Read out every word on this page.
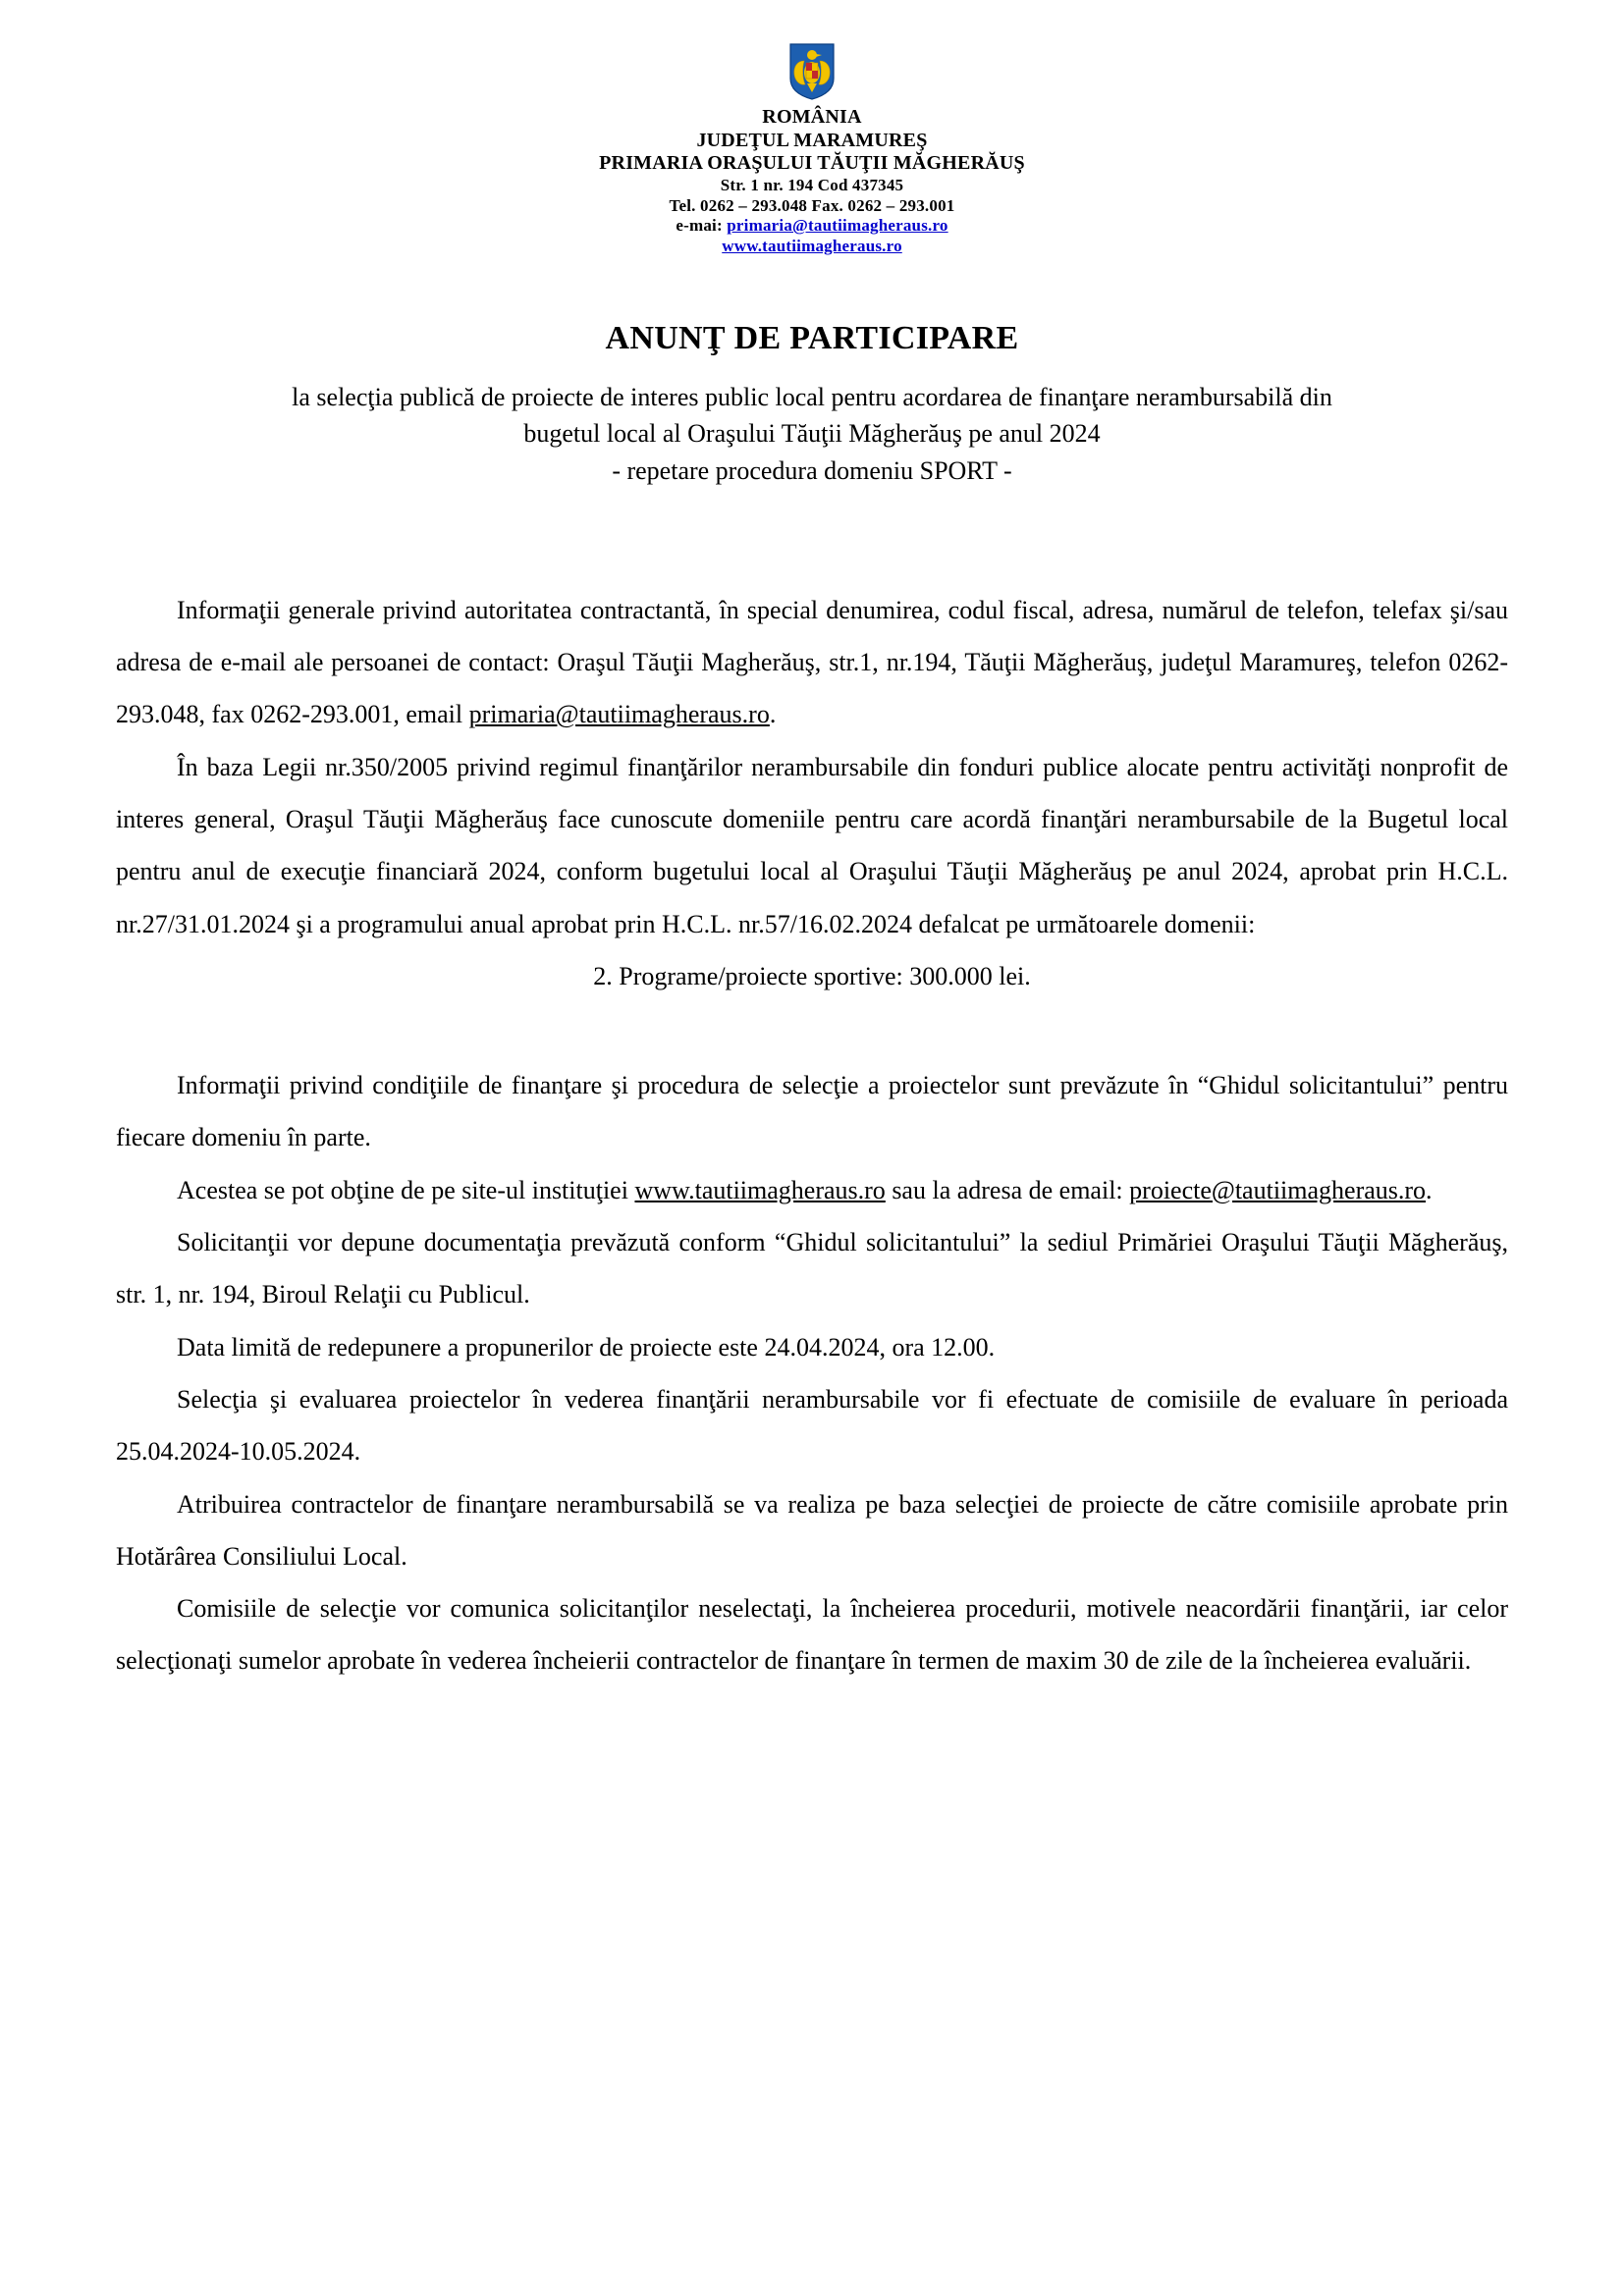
ROMÂNIA
JUDEŢUL MARAMUREŞ
PRIMARIA ORAŞULUI TĂUŢII MĂGHERĂUŞ
Str. 1 nr. 194 Cod 437345
Tel. 0262 – 293.048 Fax. 0262 – 293.001
e-mai: primaria@tautiimagheraus.ro
www.tautiimagheraus.ro
ANUNŢ DE PARTICIPARE
la selecţia publică de proiecte de interes public local pentru acordarea de finanţare nerambursabilă din
bugetul local al Oraşului Tăuţii Măgherăuş pe anul 2024
- repetare procedura domeniu SPORT -

Informaţii generale privind autoritatea contractantă, în special denumirea, codul fiscal, adresa, numărul de telefon, telefax şi/sau adresa de e-mail ale persoanei de contact: Oraşul Tăuţii Magherăuş, str.1, nr.194, Tăuţii Măgherăuş, judeţul Maramureş, telefon 0262-293.048, fax 0262-293.001, email primaria@tautiimagheraus.ro.

În baza Legii nr.350/2005 privind regimul finanţărilor nerambursabile din fonduri publice alocate pentru activităţi nonprofit de interes general, Oraşul Tăuţii Măgherăuş face cunoscute domeniile pentru care acordă finanţări nerambursabile de la Bugetul local pentru anul de execuţie financiară 2024, conform bugetului local al Oraşului Tăuţii Măgherăuş pe anul 2024, aprobat prin H.C.L. nr.27/31.01.2024 şi a programului anual aprobat prin H.C.L. nr.57/16.02.2024 defalcat pe următoarele domenii:

2. Programe/proiecte sportive: 300.000 lei.

Informaţii privind condiţiile de finanţare şi procedura de selecţie a proiectelor sunt prevăzute în “Ghidul solicitantului” pentru fiecare domeniu în parte.

Acestea se pot obţine de pe site-ul instituţiei www.tautiimagheraus.ro sau la adresa de email: proiecte@tautiimagheraus.ro.

Solicitanţii vor depune documentaţia prevăzută conform “Ghidul solicitantului” la sediul Primăriei Oraşului Tăuţii Măgherăuş, str. 1, nr. 194, Biroul Relaţii cu Publicul.

Data limită de redepunere a propunerilor de proiecte este 24.04.2024, ora 12.00.

Selecţia şi evaluarea proiectelor în vederea finanţării nerambursabile vor fi efectuate de comisiile de evaluare în perioada 25.04.2024-10.05.2024.

Atribuirea contractelor de finanţare nerambursabilă se va realiza pe baza selecţiei de proiecte de către comisiile aprobate prin Hotărârea Consiliului Local.

Comisiile de selecţie vor comunica solicitanţilor neselectaţi, la încheierea procedurii, motivele neacordării finanţării, iar celor selecţionaţi sumelor aprobate în vederea încheierii contractelor de finanţare în termen de maxim 30 de zile de la încheierea evaluării.
